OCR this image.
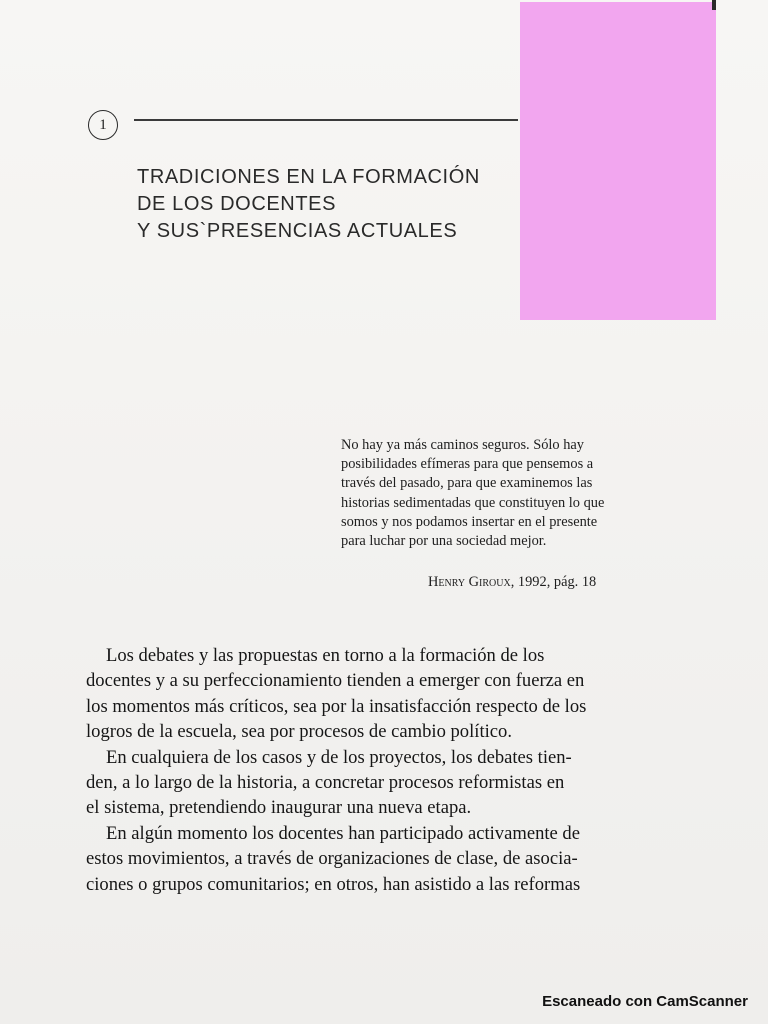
1
TRADICIONES EN LA FORMACIÓN
DE LOS DOCENTES
Y SUS`PRESENCIAS ACTUALES
No hay ya más caminos seguros. Sólo hay
posibilidades efímeras para que pensemos a
través del pasado, para que examinemos las
historias sedimentadas que constituyen lo que
somos y nos podamos insertar en el presente
para luchar por una sociedad mejor.
Henry Giroux, 1992, pág. 18
Los debates y las propuestas en torno a la formación de los
docentes y a su perfeccionamiento tienden a emerger con fuerza en
los momentos más críticos, sea por la insatisfacción respecto de los
logros de la escuela, sea por procesos de cambio político.
En cualquiera de los casos y de los proyectos, los debates tien-
den, a lo largo de la historia, a concretar procesos reformistas en
el sistema, pretendiendo inaugurar una nueva etapa.
En algún momento los docentes han participado activamente de
estos movimientos, a través de organizaciones de clase, de asocia-
ciones o grupos comunitarios; en otros, han asistido a las reformas
Escaneado con CamScanner
